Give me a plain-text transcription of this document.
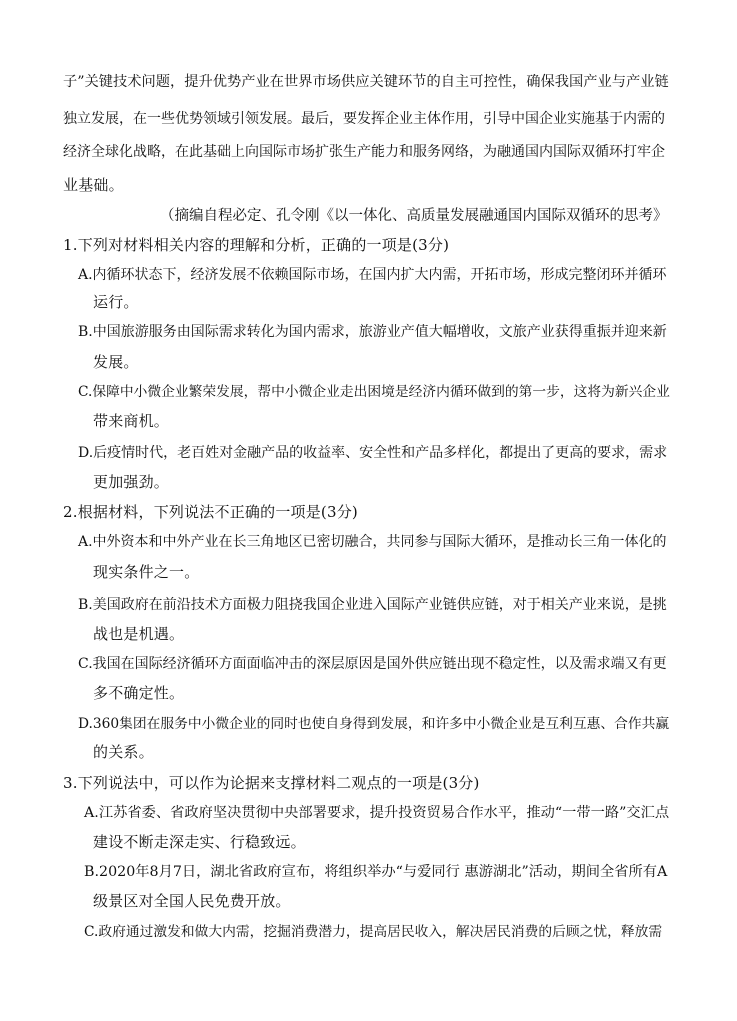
子”关键技术问题，提升优势产业在世界市场供应关键环节的自主可控性，确保我国产业与产业链
独立发展，在一些优势领域引领发展。最后，要发挥企业主体作用，引导中国企业实施基于内需的
经济全球化战略，在此基础上向国际市场扩张生产能力和服务网络，为融通国内国际双循环打牢企
业基础。
（摘编自程必定、孔令刚《以一体化、高质量发展融通国内国际双循环的思考》
1.下列对材料相关内容的理解和分析，正确的一项是(3分)
A.内循环状态下，经济发展不依赖国际市场，在国内扩大内需，开拓市场，形成完整闭环并循环
运行。
B.中国旅游服务由国际需求转化为国内需求，旅游业产值大幅增收，文旅产业获得重振并迎来新
发展。
C.保障中小微企业繁荣发展，帮中小微企业走出困境是经济内循环做到的第一步，这将为新兴企业
带来商机。
D.后疫情时代，老百姓对金融产品的收益率、安全性和产品多样化，都提出了更高的要求，需求
更加强劲。
2.根据材料，下列说法不正确的一项是(3分)
A.中外资本和中外产业在长三角地区已密切融合，共同参与国际大循环，是推动长三角一体化的
现实条件之一。
B.美国政府在前沿技术方面极力阻挠我国企业进入国际产业链供应链，对于相关产业来说，是挑
战也是机遇。
C.我国在国际经济循环方面面临冲击的深层原因是国外供应链出现不稳定性，以及需求端又有更
多不确定性。
D.360集团在服务中小微企业的同时也使自身得到发展，和许多中小微企业是互利互惠、合作共赢
的关系。
3.下列说法中，可以作为论据来支撑材料二观点的一项是(3分)
A.江苏省委、省政府坚决贯彻中央部署要求，提升投资贸易合作水平，推动“一带一路”交汇点
建设不断走深走实、行稳致远。
B.2020年8月7日，湖北省政府宣布，将组织举办“与爱同行 惠游湖北”活动，期间全省所有A
级景区对全国人民免费开放。
C.政府通过激发和做大内需，挖掘消费潜力，提高居民收入，解决居民消费的后顾之忧，释放需
